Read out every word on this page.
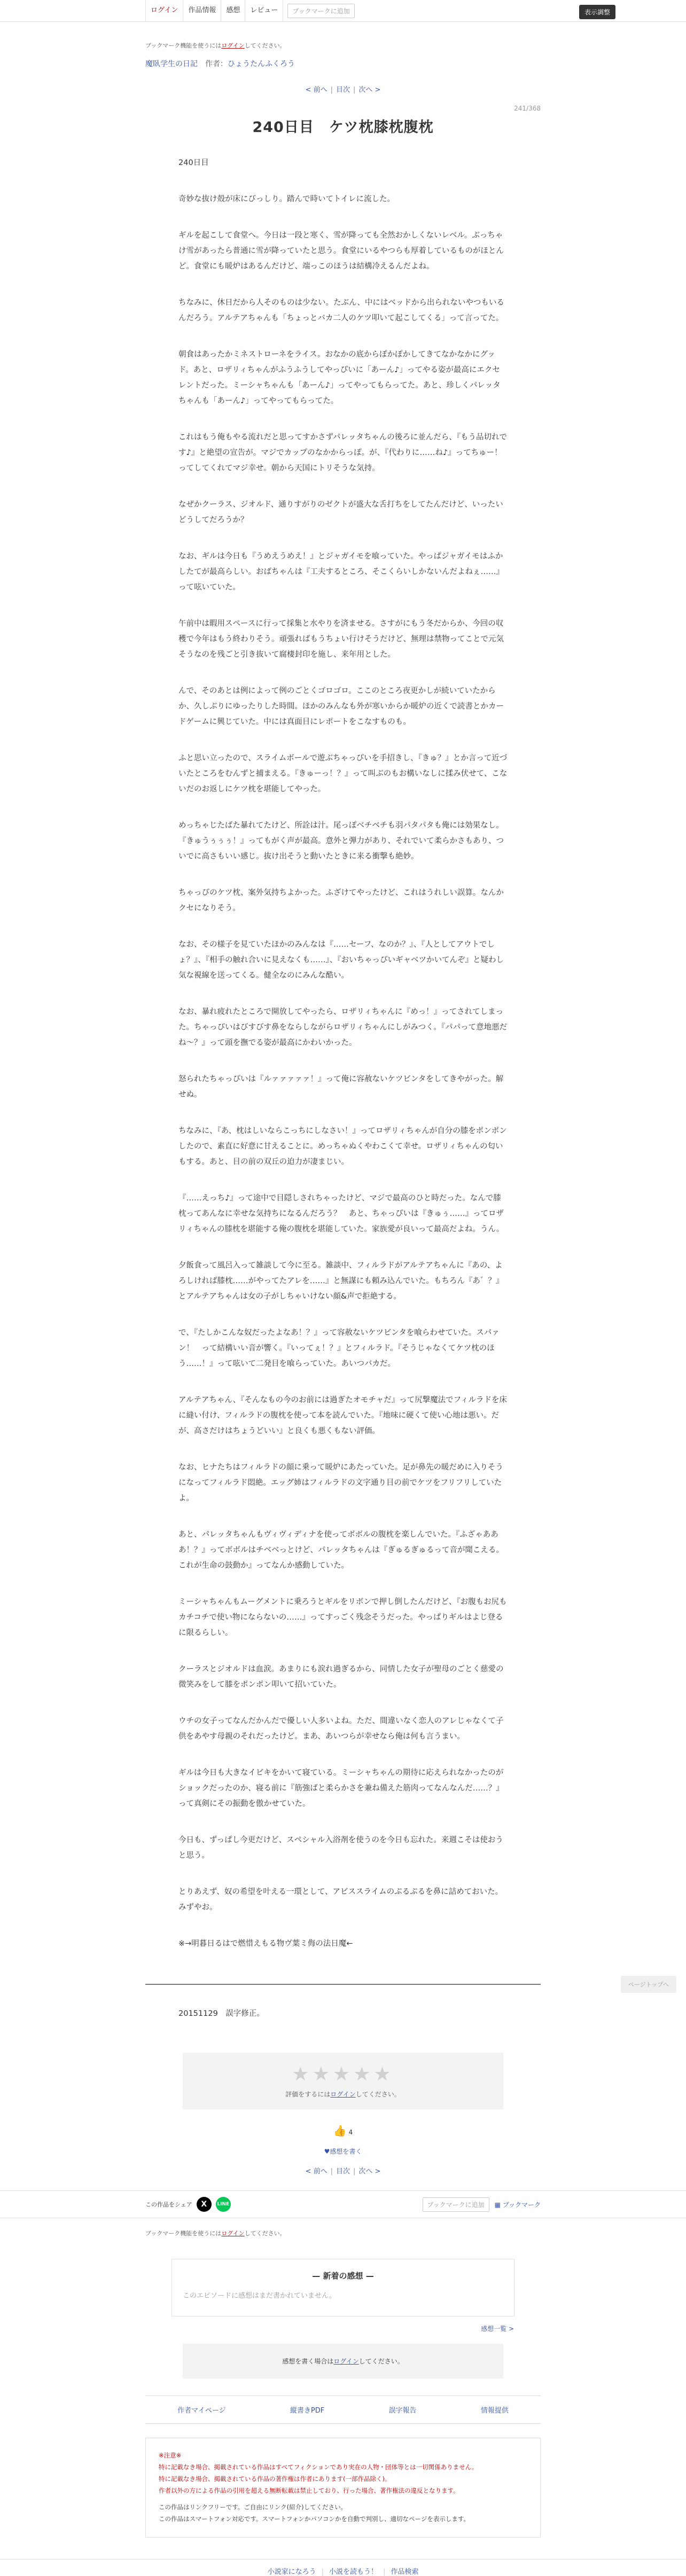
ログイン	作品情報	感想	レビュー	ブックマークに追加	表示調整
ブックマーク機能を使うにはログインしてください。
魔臥学生の日記 作者：ひょうたんふくろう
< 前へ | 目次 | 次へ >
241/368
240日目　ケツ枕膝枕腹枕

240日目

奇妙な抜け殻が床にびっしり。踏んで時いてトイレに流した。

ギルを起こして食堂へ。今日は一段と寒く、雪が降っても全然おかしくないレベル。ぶっちゃけ雪があったら普通に雪が降っていたと思う。食堂にいるやつらも厚着しているものがほとんど。食堂にも暖炉はあるんだけど、端っこのほうは結構冷えるんだよね。

ちなみに、休日だから人そのものは少ない。たぶん、中にはベッドから出られないやつもいるんだろう。アルテアちゃんも「ちょっとバカ二人のケツ叩いて起こしてくる」って言ってた。

朝食はあったかミネストローネをライス。おなかの底からぽかぽかしてきてなかなかにグッド。あと、ロザリィちゃんがふうふうしてやっぴいに「あーん♪」ってやる姿が最高にエクセレントだった。ミーシャちゃんも「あーん♪」ってやってもらってた。あと、珍しくパレッタちゃんも「あーん♪」ってやってもらってた。

これはもう俺もやる流れだと思ってすかさずパレッタちゃんの後ろに並んだら、『もう品切れです♪』と絶望の宣告が。マジでカップのなかからっぽ。が、『代わりに……ね♪』ってちゅー！　ってしてくれてマジ幸せ。朝から天国にトリそうな気持。

なぜかクーラス、ジオルド、通りすがりのゼクトが盛大な舌打ちをしてたんだけど、いったいどうしてだろうか？

なお、ギルは今日も『うめえうめえ！』とジャガイモを喰っていた。やっぱジャガイモはふかしたてが最高らしい。おばちゃんは『工夫するところ、そこくらいしかないんだよねぇ……』って呟いていた。

午前中は暇用スペースに行って採集と水やりを済ませる。さすがにもう冬だからか、今回の収穫で今年はもう終わりそう。頑張ればもうちょい行けそうだけど、無理は禁物ってことで元気そうなのを残ごと引き抜いて腐棲封印を施し、来年用とした。

んで、そのあとは例によって例のごとくゴロゴロ。ここのところ夜更かしが続いていたからか、久しぶりにゆったりした時間。ほかのみんなも外が寒いからか暖炉の近くで読書とかカードゲームに興じていた。中には真面目にレポートをこなすものも。

ふと思い立ったので、スライムボールで遊ぶちゃっぴいを手招きし、『きゅ？』とか言って近づいたところをむんずと捕まえる。『きゅーっ！？』って叫ぶのもお構いなしに揉み伏せて、こないだのお返しにケツ枕を堪能してやった。

めっちゃじたばた暴れてたけど、所詮は汁。尾っぽベチベチも羽パタパタも俺には効果なし。『きゅうぅぅぅ！』ってもがく声が最高。意外と弾力があり、それでいて柔らかさもあり、ついでに高さもいい感じ。抜け出そうと動いたときに来る衝撃も絶妙。

ちゃっぴのケツ枕、案外気持ちよかった。ふざけてやったけど、これはうれしい誤算。なんかクセになりそう。

なお、その様子を見ていたほかのみんなは『……セーフ、なのか？』、『人としてアウトでしょ？』、『相手の触れ合いに見えなくも……』、『おいちゃっぴいギャベツかいてんぞ』と疑わし気な視線を送ってくる。健全なのにみんな酷い。

なお、暴れ疲れたところで開放してやったら、ロザリィちゃんに『めっ！』ってされてしまった。ちゃっぴいはびすびす鼻をならしながらロザリィちゃんにしがみつく。『パパって意地悪だね～？』って頭を撫でる姿が最高にかわいかった。

怒られたちゃっぴいは『ルァァァァァ！』って俺に容赦ないケツビンタをしてきやがった。解せぬ。

ちなみに、『あ、枕はしいならこっちにしなさい！』ってロザリィちゃんが自分の膝をポンポンしたので、素直に好意に甘えることに。めっちゃぬくやわこくて幸せ。ロザリィちゃんの匂いもする。あと、目の前の双丘の迫力が凄まじい。

『……えっち♪』って途中で目隠しされちゃったけど、マジで最高のひと時だった。なんで膝枕ってあんなに幸せな気持ちになるんだろう？　あと、ちゃっぴいは『きゅぅ……』ってロザリィちゃんの膝枕を堪能する俺の腹枕を堪能していた。家族愛が良いって最高だよね。うん。

夕飯食って風呂入って雑談して今に至る。雑談中、フィルラドがアルテアちゃんに『あの、よろしければ膝枕……がやってたアレを……』と無謀にも頼み込んでいた。もちろん『あ゛？』とアルテアちゃんは女の子がしちゃいけない顔&声で拒絶する。

で、『たしかこんな奴だったよなあ！？』って容赦ないケツビンタを喰らわせていた。スパァン！　って結構いい音が響く。『いってぇ！？』とフィルラド。『そうじゃなくてケツ枕のほう……！』って呟いて二発目を喰らっていた。あいつバカだ。

アルテアちゃん、『そんなもの今のお前には過ぎたオモチャだ』って尻撃魔法でフィルラドを床に縫い付け、フィルラドの腹枕を使って本を読んでいた。『地味に硬くて使い心地は悪い。だが、高さだけはちょうどいい』と良くも悪くもない評価。

なお、ヒナたちはフィルラドの顔に乗って暖炉にあたっていた。足が鼻先の暖だめに入りそうになってフィルラド悶絶。エッグ姉はフィルラドの文字通り目の前でケツをフリフリしていたよ。

あと、パレッタちゃんもヴィヴィディナを使ってボボルの腹枕を楽しんでいた。『ふざゃあああ！？』ってボボルはチベベっとけど、パレッタちゃんは『ぎゅるぎゅるって音が聞こえる。これが生命の鼓動か』ってなんか感動していた。

ミーシャちゃんもムーグメントに乗ろうとギルをリボンで押し倒したんだけど、『お腹もお尻もカチコチで使い物にならないの……』ってすっごく残念そうだった。やっぱりギルはよじ登るに限るらしい。

クーラスとジオルドは血涙。あまりにも涙れ過ぎるから、同情した女子が聖母のごとく慈愛の微笑みをして膝をポンポン叩いて招いていた。

ウチの女子ってなんだかんだで優しい人多いよね。ただ、間違いなく恋人のアレじゃなくて子供をあやす母親のそれだったけど。まあ、あいつらが幸せなら俺は何も言うまい。

ギルは今日も大きなイビキをかいて寝ている。ミーシャちゃんの期待に応えられなかったのがショックだったのか、寝る前に『筋強ばと柔らかさを兼ね備えた筋肉ってなんなんだ……？』って真剣にその振動を傲かせていた。

今日も、ずっぱし今更だけど、スペシャル入浴剤を使うのを今日も忘れた。来週こそは使おうと思う。

とりあえず、奴の希望を叶える一環として、アビススライムのぷるぷるを鼻に詰めておいた。みずやお。

※→明暮日るはで燃惜えもる物ヴ葉ミ侮の法日魔←

20151129　誤字修正。
★★★★★
評価をするにはログインしてください。
👍 4
♥感想を書く
< 前へ | 目次 | 次へ >
ページトップへ
この作品をシェア	X	LINE	ブックマークに追加	▦ ブックマーク
ブックマーク機能を使うにはログインしてください。
— 新着の感想 —
このエピソードに感想はまだ書かれていません。
感想一覧 >
感想を書く場合はログインしてください。
作者マイページ	縦書きPDF	誤字報告	情報提供
※注意※
特に記載なき場合、掲載されている作品はすべてフィクションであり実在の人物・団体等とは一切関係ありません。
特に記載なき場合、掲載されている作品の著作権は作者にあります(一部作品除く)。
作者以外の方による作品の引用を超える無断転載は禁止しており、行った場合、著作権法の違反となります。
この作品はリンクフリーです。ご自由にリンク(紹介)してください。
この作品はスマートフォン対応です。スマートフォンかパソコンかを自動で判別し、適切なページを表示します。
小説家になろう | 小説を読もう！ | 作品検索
